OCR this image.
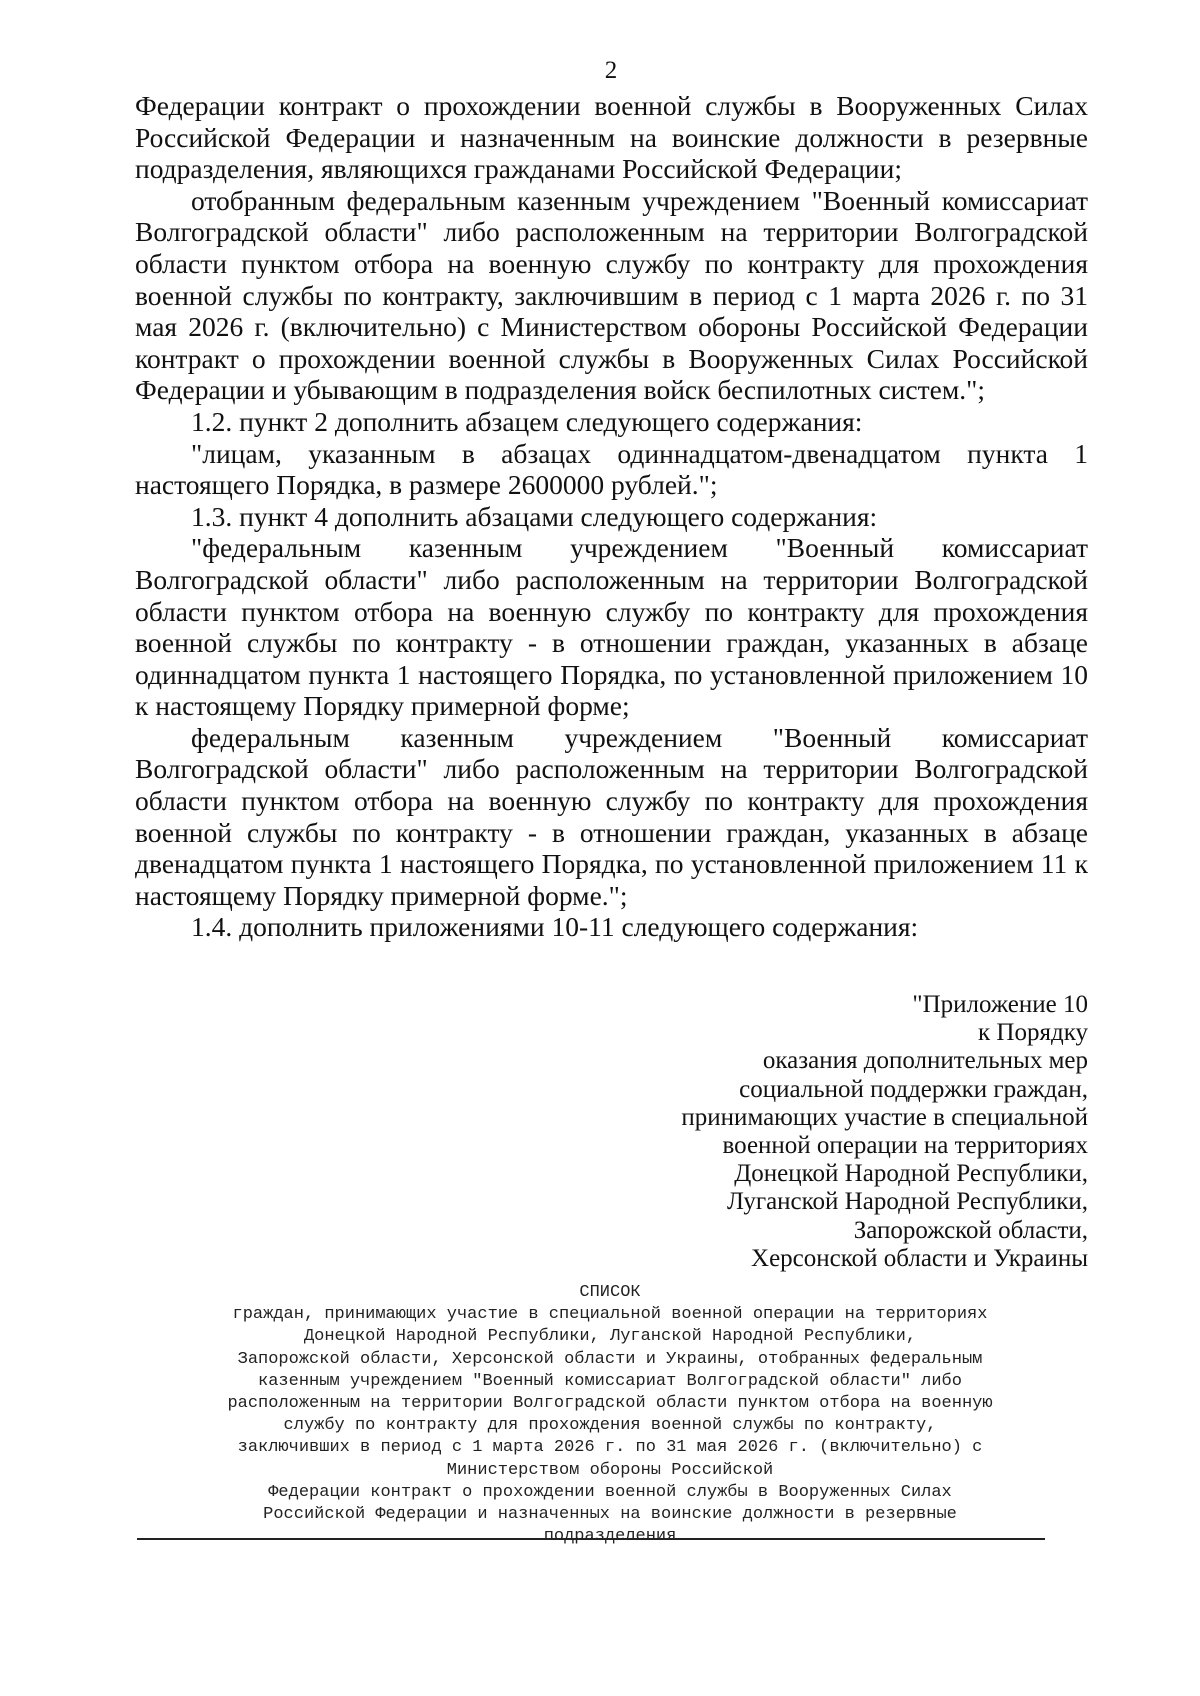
2

Федерации контракт о прохождении военной службы в Вооруженных Силах Российской Федерации и назначенным на воинские должности в резервные подразделения, являющихся гражданами Российской Федерации;

отобранным федеральным казенным учреждением "Военный комиссариат Волгоградской области" либо расположенным на территории Волгоградской области пунктом отбора на военную службу по контракту для прохождения военной службы по контракту, заключившим в период с 1 марта 2026 г. по 31 мая 2026 г. (включительно) с Министерством обороны Российской Федерации контракт о прохождении военной службы в Вооруженных Силах Российской Федерации и убывающим в подразделения войск беспилотных систем.";

1.2. пункт 2 дополнить абзацем следующего содержания:

"лицам, указанным в абзацах одиннадцатом-двенадцатом пункта 1 настоящего Порядка, в размере 2600000 рублей.";

1.3. пункт 4 дополнить абзацами следующего содержания:

"федеральным казенным учреждением "Военный комиссариат Волгоградской области" либо расположенным на территории Волгоградской области пунктом отбора на военную службу по контракту для прохождения военной службы по контракту - в отношении граждан, указанных в абзаце одиннадцатом пункта 1 настоящего Порядка, по установленной приложением 10 к настоящему Порядку примерной форме;

федеральным казенным учреждением "Военный комиссариат Волгоградской области" либо расположенным на территории Волгоградской области пунктом отбора на военную службу по контракту для прохождения военной службы по контракту - в отношении граждан, указанных в абзаце двенадцатом пункта 1 настоящего Порядка, по установленной приложением 11 к настоящему Порядку примерной форме.";

1.4. дополнить приложениями 10-11 следующего содержания:

"Приложение 10
к Порядку
оказания дополнительных мер
социальной поддержки граждан,
принимающих участие в специальной
военной операции на территориях
Донецкой Народной Республики,
Луганской Народной Республики,
Запорожской области,
Херсонской области и Украины
СПИСОК
граждан, принимающих участие в специальной военной операции на территориях
Донецкой Народной Республики, Луганской Народной Республики,
Запорожской области, Херсонской области и Украины, отобранных федеральным
казенным учреждением "Военный комиссариат Волгоградской области" либо
расположенным на территории Волгоградской области пунктом отбора на военную
службу по контракту для прохождения военной службы по контракту,
заключивших в период с 1 марта 2026 г. по 31 мая 2026 г. (включительно) с
Министерством обороны Российской
Федерации контракт о прохождении военной службы в Вооруженных Силах
Российской Федерации и назначенных на воинские должности в резервные
подразделения
